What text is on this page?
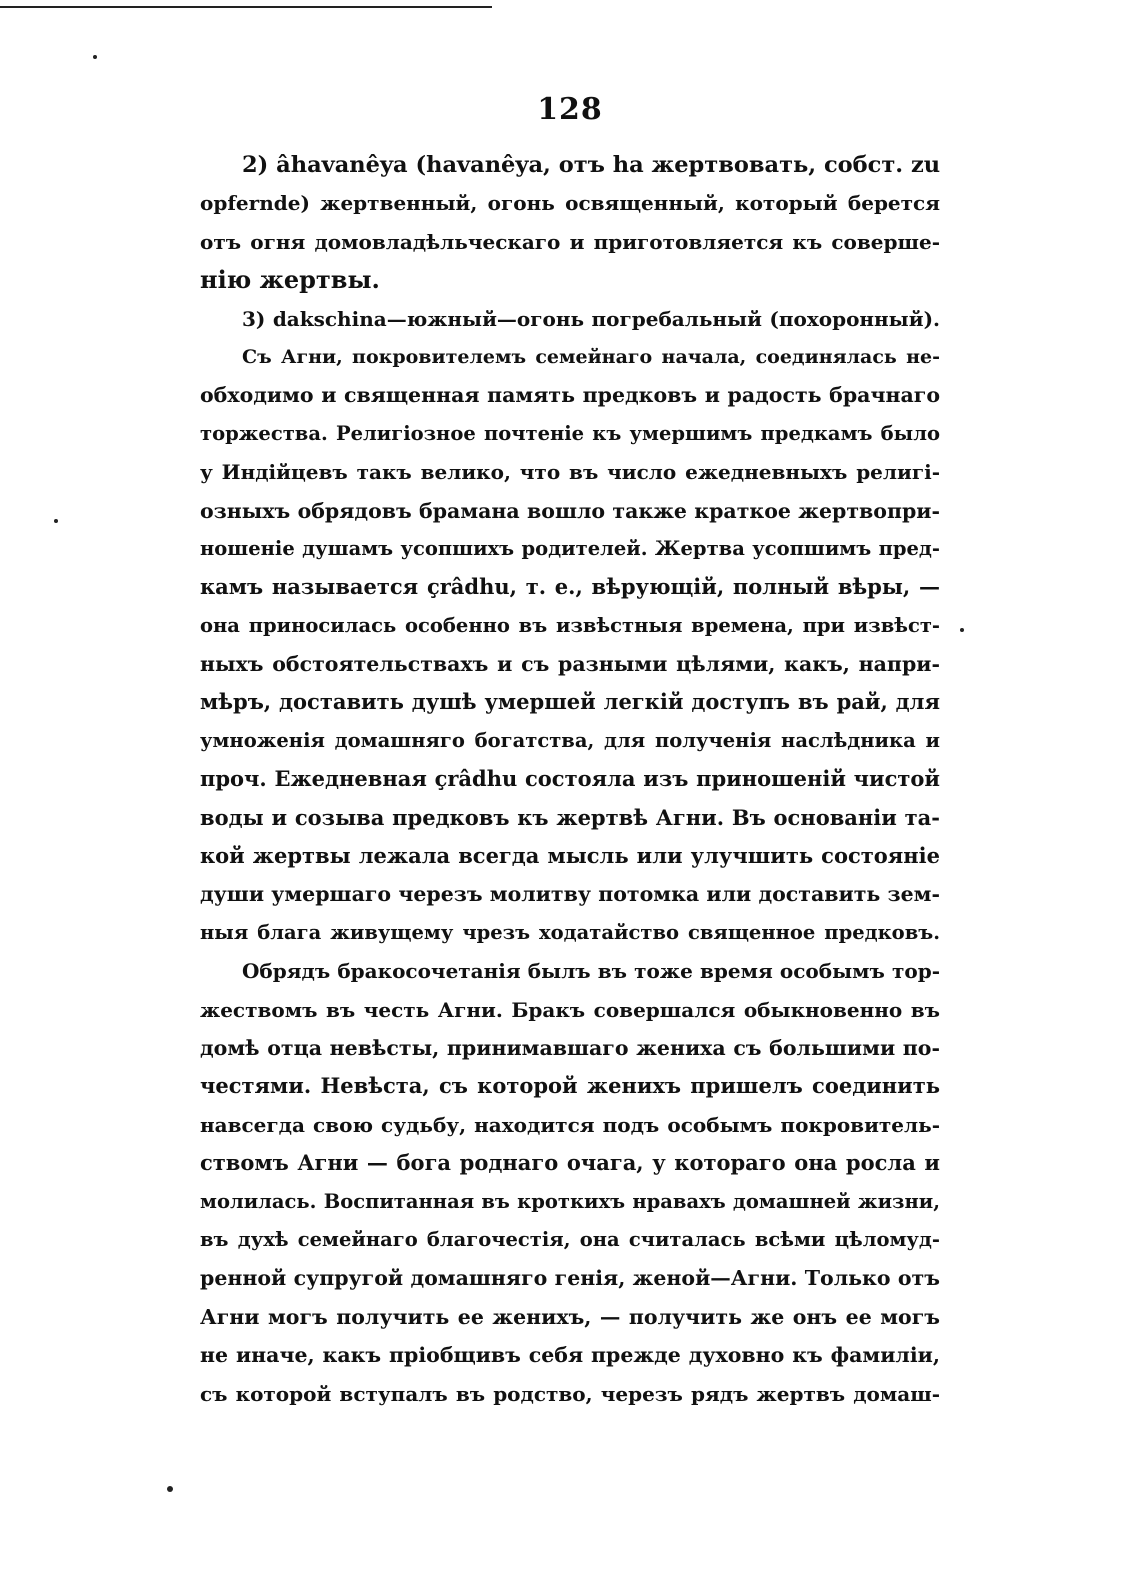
128
2) âhavanêya (havanêya, отъ ha жертвовать, собст. zu
opfernde) жертвенный, огонь освященный, который берется
отъ огня домовладѣльческаго и приготовляется къ соверше-
нію жертвы.
3) dakschina—южный—огонь погребальный (похоронный).
Съ Агни, покровителемъ семейнаго начала, соединялась не-
обходимо и священная память предковъ и радость брачнаго
торжества. Религіозное почтеніе къ умершимъ предкамъ было
у Индійцевъ такъ велико, что въ число ежедневныхъ религі-
озныхъ обрядовъ брамана вошло также краткое жертвопри-
ношеніе душамъ усопшихъ родителей. Жертва усопшимъ пред-
камъ называется çrâdhu, т. е., вѣрующій, полный вѣры, —
она приносилась особенно въ извѣстныя времена, при извѣст-
ныхъ обстоятельствахъ и съ разными цѣлями, какъ, напри-
мѣръ, доставить душѣ умершей легкій доступъ въ рай, для
умноженія домашняго богатства, для полученія наслѣдника и
проч. Ежедневная çrâdhu состояла изъ приношеній чистой
воды и созыва предковъ къ жертвѣ Агни. Въ основаніи та-
кой жертвы лежала всегда мысль или улучшить состояніе
души умершаго черезъ молитву потомка или доставить зем-
ныя блага живущему чрезъ ходатайство священное предковъ.
Обрядъ бракосочетанія былъ въ тоже время особымъ тор-
жествомъ въ честь Агни. Бракъ совершался обыкновенно въ
домѣ отца невѣсты, принимавшаго жениха съ большими по-
честями. Невѣста, съ которой женихъ пришелъ соединить
навсегда свою судьбу, находится подъ особымъ покровитель-
ствомъ Агни — бога роднаго очага, у котораго она росла и
молилась. Воспитанная въ кроткихъ нравахъ домашней жизни,
въ духѣ семейнаго благочестія, она считалась всѣми цѣломуд-
ренной супругой домашняго генія, женой—Агни. Только отъ
Агни могъ получить ее женихъ, — получить же онъ ее могъ
не иначе, какъ пріобщивъ себя прежде духовно къ фамиліи,
съ которой вступалъ въ родство, черезъ рядъ жертвъ домаш-
